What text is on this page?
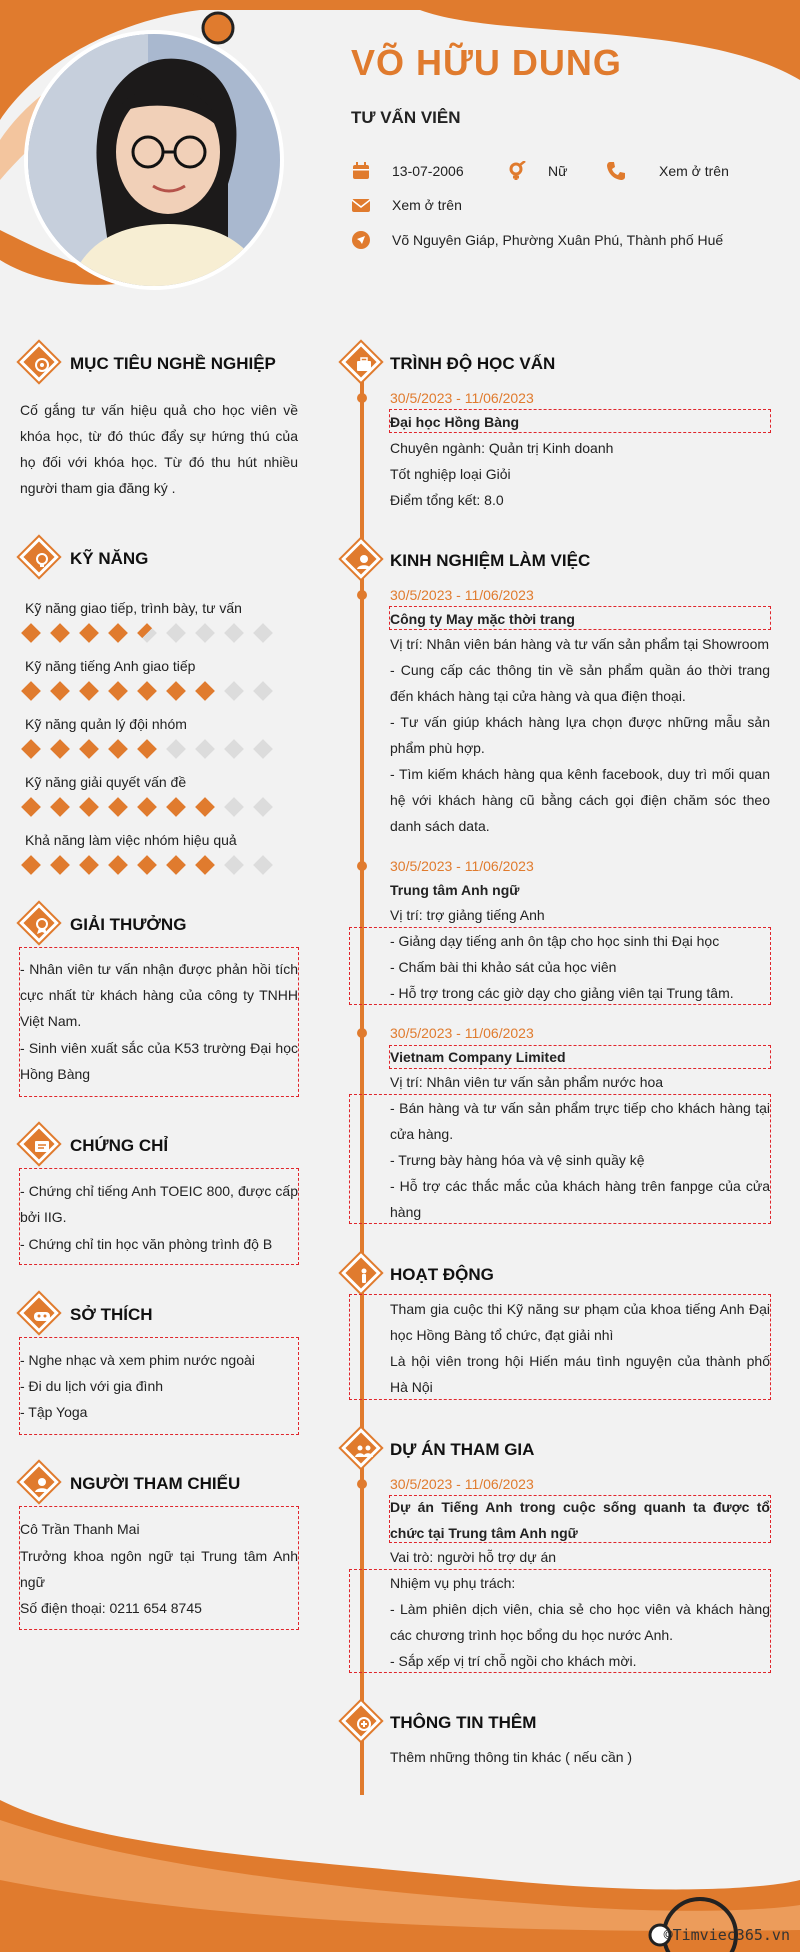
VÕ HỮU DUNG
TƯ VẤN VIÊN
13-07-2006	Nữ	Xem ở trên
Xem ở trên
Võ Nguyên Giáp, Phường Xuân Phú, Thành phố Huế
MỤC TIÊU NGHỀ NGHIỆP
Cố gắng tư vấn hiệu quả cho học viên về khóa học, từ đó thúc đẩy sự hứng thú của họ đối với khóa học. Từ đó thu hút nhiều người tham gia đăng ký .
KỸ NĂNG
Kỹ năng giao tiếp, trình bày, tư vấn
Kỹ năng tiếng Anh giao tiếp
Kỹ năng quản lý đội nhóm
Kỹ năng giải quyết vấn đề
Khả năng làm việc nhóm hiệu quả
GIẢI THƯỞNG
- Nhân viên tư vấn nhận được phản hồi tích cực nhất từ khách hàng của công ty TNHH Việt Nam.
- Sinh viên xuất sắc của K53 trường Đại học Hồng Bàng
CHỨNG CHỈ
- Chứng chỉ tiếng Anh TOEIC 800, được cấp bởi IIG.
- Chứng chỉ tin học văn phòng trình độ B
SỞ THÍCH
- Nghe nhạc và xem phim nước ngoài
- Đi du lịch với gia đình
- Tập Yoga
NGƯỜI THAM CHIẾU
Cô Trần Thanh Mai
Trưởng khoa ngôn ngữ tại Trung tâm Anh ngữ
Số điện thoại: 0211 654 8745
TRÌNH ĐỘ HỌC VẤN
30/5/2023 - 11/06/2023
Đại học Hồng Bàng
Chuyên ngành: Quản trị Kinh doanh
Tốt nghiệp loại Giỏi
Điểm tổng kết: 8.0
KINH NGHIỆM LÀM VIỆC
30/5/2023 - 11/06/2023
Công ty May mặc thời trang
Vị trí: Nhân viên bán hàng và tư vấn sản phẩm tại Showroom
- Cung cấp các thông tin về sản phẩm quần áo thời trang đến khách hàng tại cửa hàng và qua điện thoại.
- Tư vấn giúp khách hàng lựa chọn được những mẫu sản phẩm phù hợp.
- Tìm kiếm khách hàng qua kênh facebook, duy trì mối quan hệ với khách hàng cũ bằng cách gọi điện chăm sóc theo danh sách data.
30/5/2023 - 11/06/2023
Trung tâm Anh ngữ
Vị trí: trợ giảng tiếng Anh
- Giảng dạy tiếng anh ôn tập cho học sinh thi Đại học
- Chấm bài thi khảo sát của học viên
- Hỗ trợ trong các giờ dạy cho giảng viên tại Trung tâm.
30/5/2023 - 11/06/2023
Vietnam Company Limited
Vị trí: Nhân viên tư vấn sản phẩm nước hoa
- Bán hàng và tư vấn sản phẩm trực tiếp cho khách hàng tại cửa hàng.
- Trưng bày hàng hóa và vệ sinh quầy kệ
- Hỗ trợ các thắc mắc của khách hàng trên fanpge của cửa hàng
HOẠT ĐỘNG
Tham gia cuộc thi Kỹ năng sư phạm của khoa tiếng Anh Đại học Hồng Bàng tổ chức, đạt giải nhì
Là hội viên trong hội Hiến máu tình nguyện của thành phố Hà Nội
DỰ ÁN THAM GIA
30/5/2023 - 11/06/2023
Dự án Tiếng Anh trong cuộc sống quanh ta được tổ chức tại Trung tâm Anh ngữ
Vai trò: người hỗ trợ dự án
Nhiệm vụ phụ trách:
- Làm phiên dịch viên, chia sẻ cho học viên và khách hàng các chương trình học bổng du học nước Anh.
- Sắp xếp vị trí chỗ ngồi cho khách mời.
THÔNG TIN THÊM
Thêm những thông tin khác ( nếu cần )
©Timviec365.vn
